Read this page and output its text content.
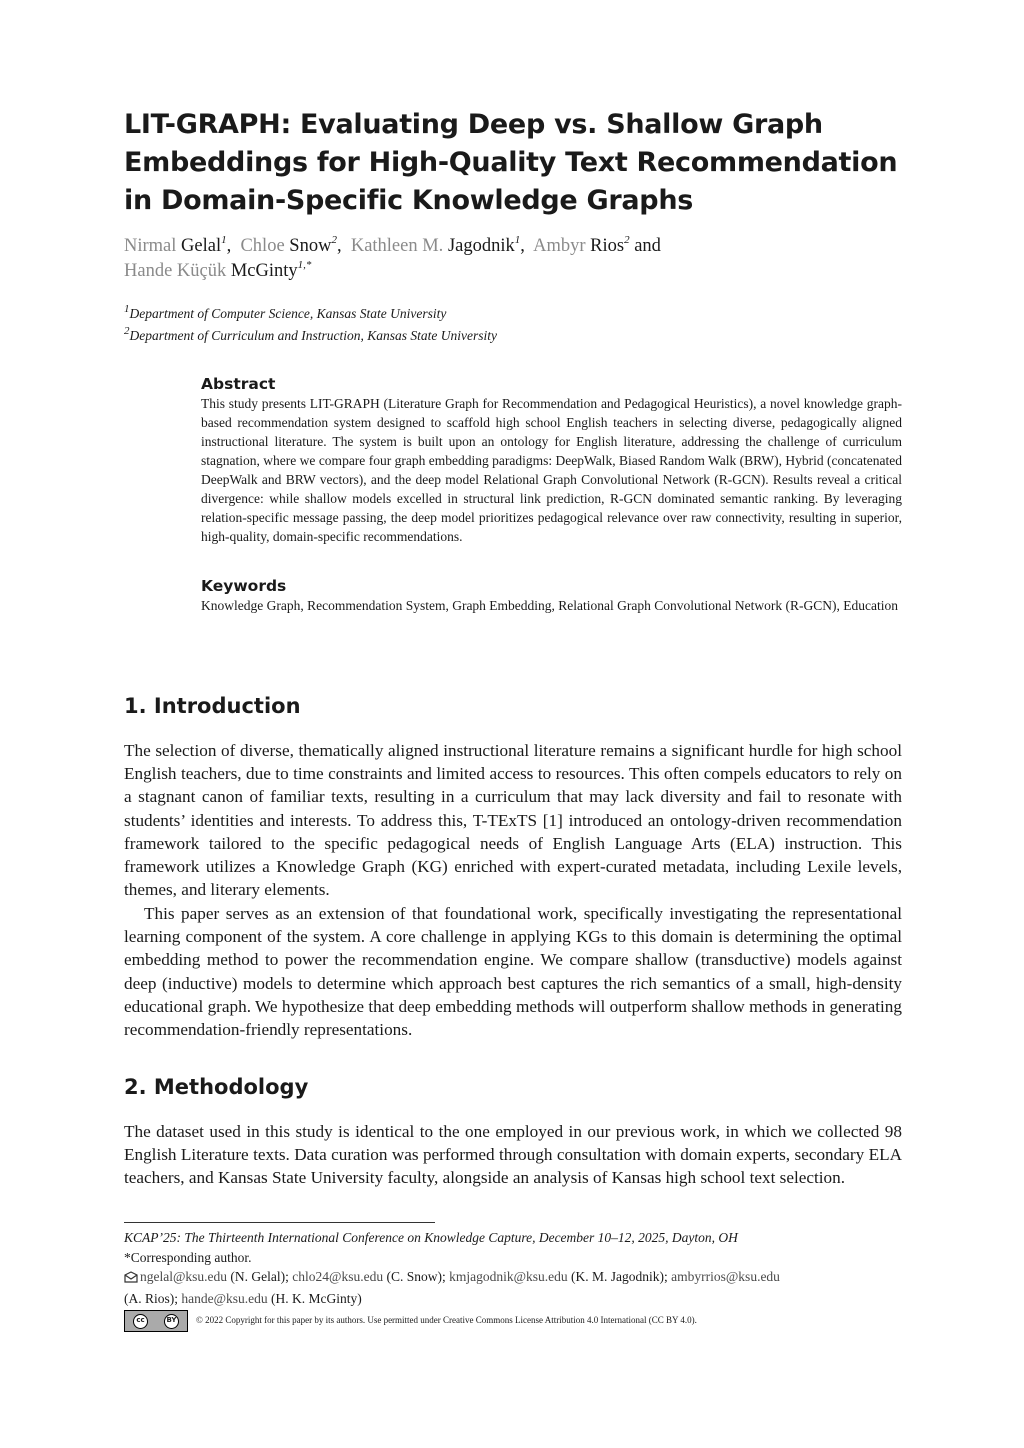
LIT-GRAPH: Evaluating Deep vs. Shallow Graph Embeddings for High-Quality Text Recommendation in Domain-Specific Knowledge Graphs
Nirmal Gelal$^1$, Chloe Snow$^2$, Kathleen M. Jagodnik$^1$, Ambyr Rios$^2$ and
Hande Küçük McGinty$^{1,*}$
$^1$Department of Computer Science, Kansas State University
$^2$Department of Curriculum and Instruction, Kansas State University
Abstract

This study presents LIT-GRAPH (Literature Graph for Recommendation and Pedagogical Heuristics), a novel knowledge graph-based recommendation system designed to scaffold high school English teachers in selecting diverse, pedagogically aligned instructional literature. The system is built upon an ontology for English literature, addressing the challenge of curriculum stagnation, where we compare four graph embedding paradigms: DeepWalk, Biased Random Walk (BRW), Hybrid (concatenated DeepWalk and BRW vectors), and the deep model Relational Graph Convolutional Network (R-GCN). Results reveal a critical divergence: while shallow models excelled in structural link prediction, R-GCN dominated semantic ranking. By leveraging relation-specific message passing, the deep model prioritizes pedagogical relevance over raw connectivity, resulting in superior, high-quality, domain-specific recommendations.

Keywords

Knowledge Graph, Recommendation System, Graph Embedding, Relational Graph Convolutional Network (R-GCN), Education

1. Introduction

The selection of diverse, thematically aligned instructional literature remains a significant hurdle for high school English teachers, due to time constraints and limited access to resources. This often compels educators to rely on a stagnant canon of familiar texts, resulting in a curriculum that may lack diversity and fail to resonate with students’ identities and interests. To address this, T-TExTS [1] introduced an ontology-driven recommendation framework tailored to the specific pedagogical needs of English Language Arts (ELA) instruction. This framework utilizes a Knowledge Graph (KG) enriched with expert-curated metadata, including Lexile levels, themes, and literary elements.

This paper serves as an extension of that foundational work, specifically investigating the representational learning component of the system. A core challenge in applying KGs to this domain is determining the optimal embedding method to power the recommendation engine. We compare shallow (transductive) models against deep (inductive) models to determine which approach best captures the rich semantics of a small, high-density educational graph. We hypothesize that deep embedding methods will outperform shallow methods in generating recommendation-friendly representations.

2. Methodology

The dataset used in this study is identical to the one employed in our previous work, in which we collected 98 English Literature texts. Data curation was performed through consultation with domain experts, secondary ELA teachers, and Kansas State University faculty, alongside an analysis of Kansas high school text selection.

KCAP’25: The Thirteenth International Conference on Knowledge Capture, December 10–12, 2025, Dayton, OH
*Corresponding author.
ngelal@ksu.edu (N. Gelal); chlo24@ksu.edu (C. Snow); kmjagodnik@ksu.edu (K. M. Jagodnik); ambyrrios@ksu.edu
(A. Rios); hande@ksu.edu (H. K. McGinty)
cc	BY © 2022 Copyright for this paper by its authors. Use permitted under Creative Commons License Attribution 4.0 International (CC BY 4.0).
